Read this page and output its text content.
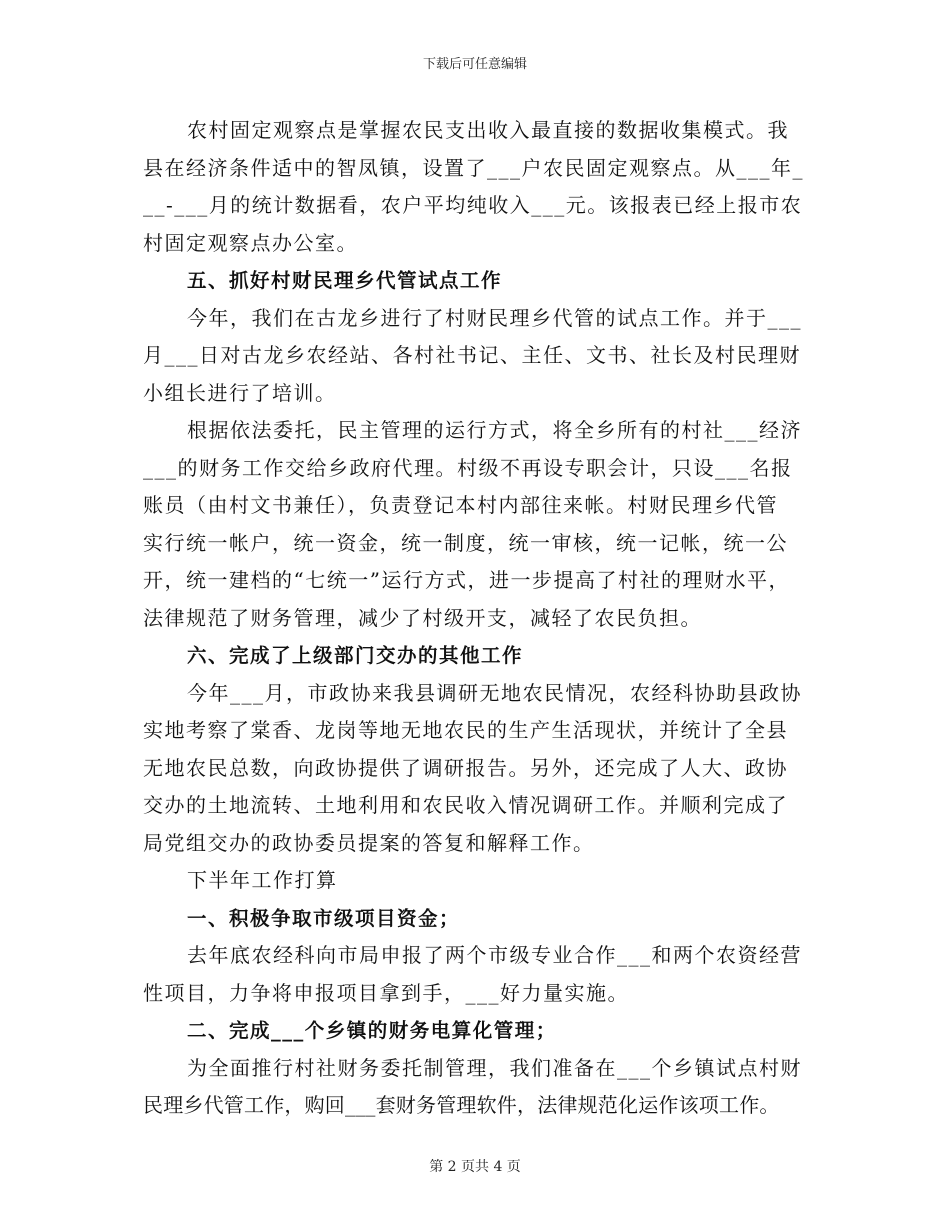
下载后可任意编辑
农村固定观察点是掌握农民支出收入最直接的数据收集模式。我
县在经济条件适中的智凤镇，设置了___户农民固定观察点。从___年_
__-___月的统计数据看，农户平均纯收入___元。该报表已经上报市农
村固定观察点办公室。
五、抓好村财民理乡代管试点工作
今年，我们在古龙乡进行了村财民理乡代管的试点工作。并于___
月___日对古龙乡农经站、各村社书记、主任、文书、社长及村民理财
小组长进行了培训。
根据依法委托，民主管理的运行方式，将全乡所有的村社___经济
___的财务工作交给乡政府代理。村级不再设专职会计，只设___名报
账员（由村文书兼任），负责登记本村内部往来帐。村财民理乡代管
实行统一帐户，统一资金，统一制度，统一审核，统一记帐，统一公
开，统一建档的“七统一”运行方式，进一步提高了村社的理财水平，
法律规范了财务管理，减少了村级开支，减轻了农民负担。
六、完成了上级部门交办的其他工作
今年___月，市政协来我县调研无地农民情况，农经科协助县政协
实地考察了棠香、龙岗等地无地农民的生产生活现状，并统计了全县
无地农民总数，向政协提供了调研报告。另外，还完成了人大、政协
交办的土地流转、土地利用和农民收入情况调研工作。并顺利完成了
局党组交办的政协委员提案的答复和解释工作。
下半年工作打算
一、积极争取市级项目资金；
去年底农经科向市局申报了两个市级专业合作___和两个农资经营
性项目，力争将申报项目拿到手，___好力量实施。
二、完成___个乡镇的财务电算化管理；
为全面推行村社财务委托制管理，我们准备在___个乡镇试点村财
民理乡代管工作，购回___套财务管理软件，法律规范化运作该项工作。
第 2 页共 4 页
